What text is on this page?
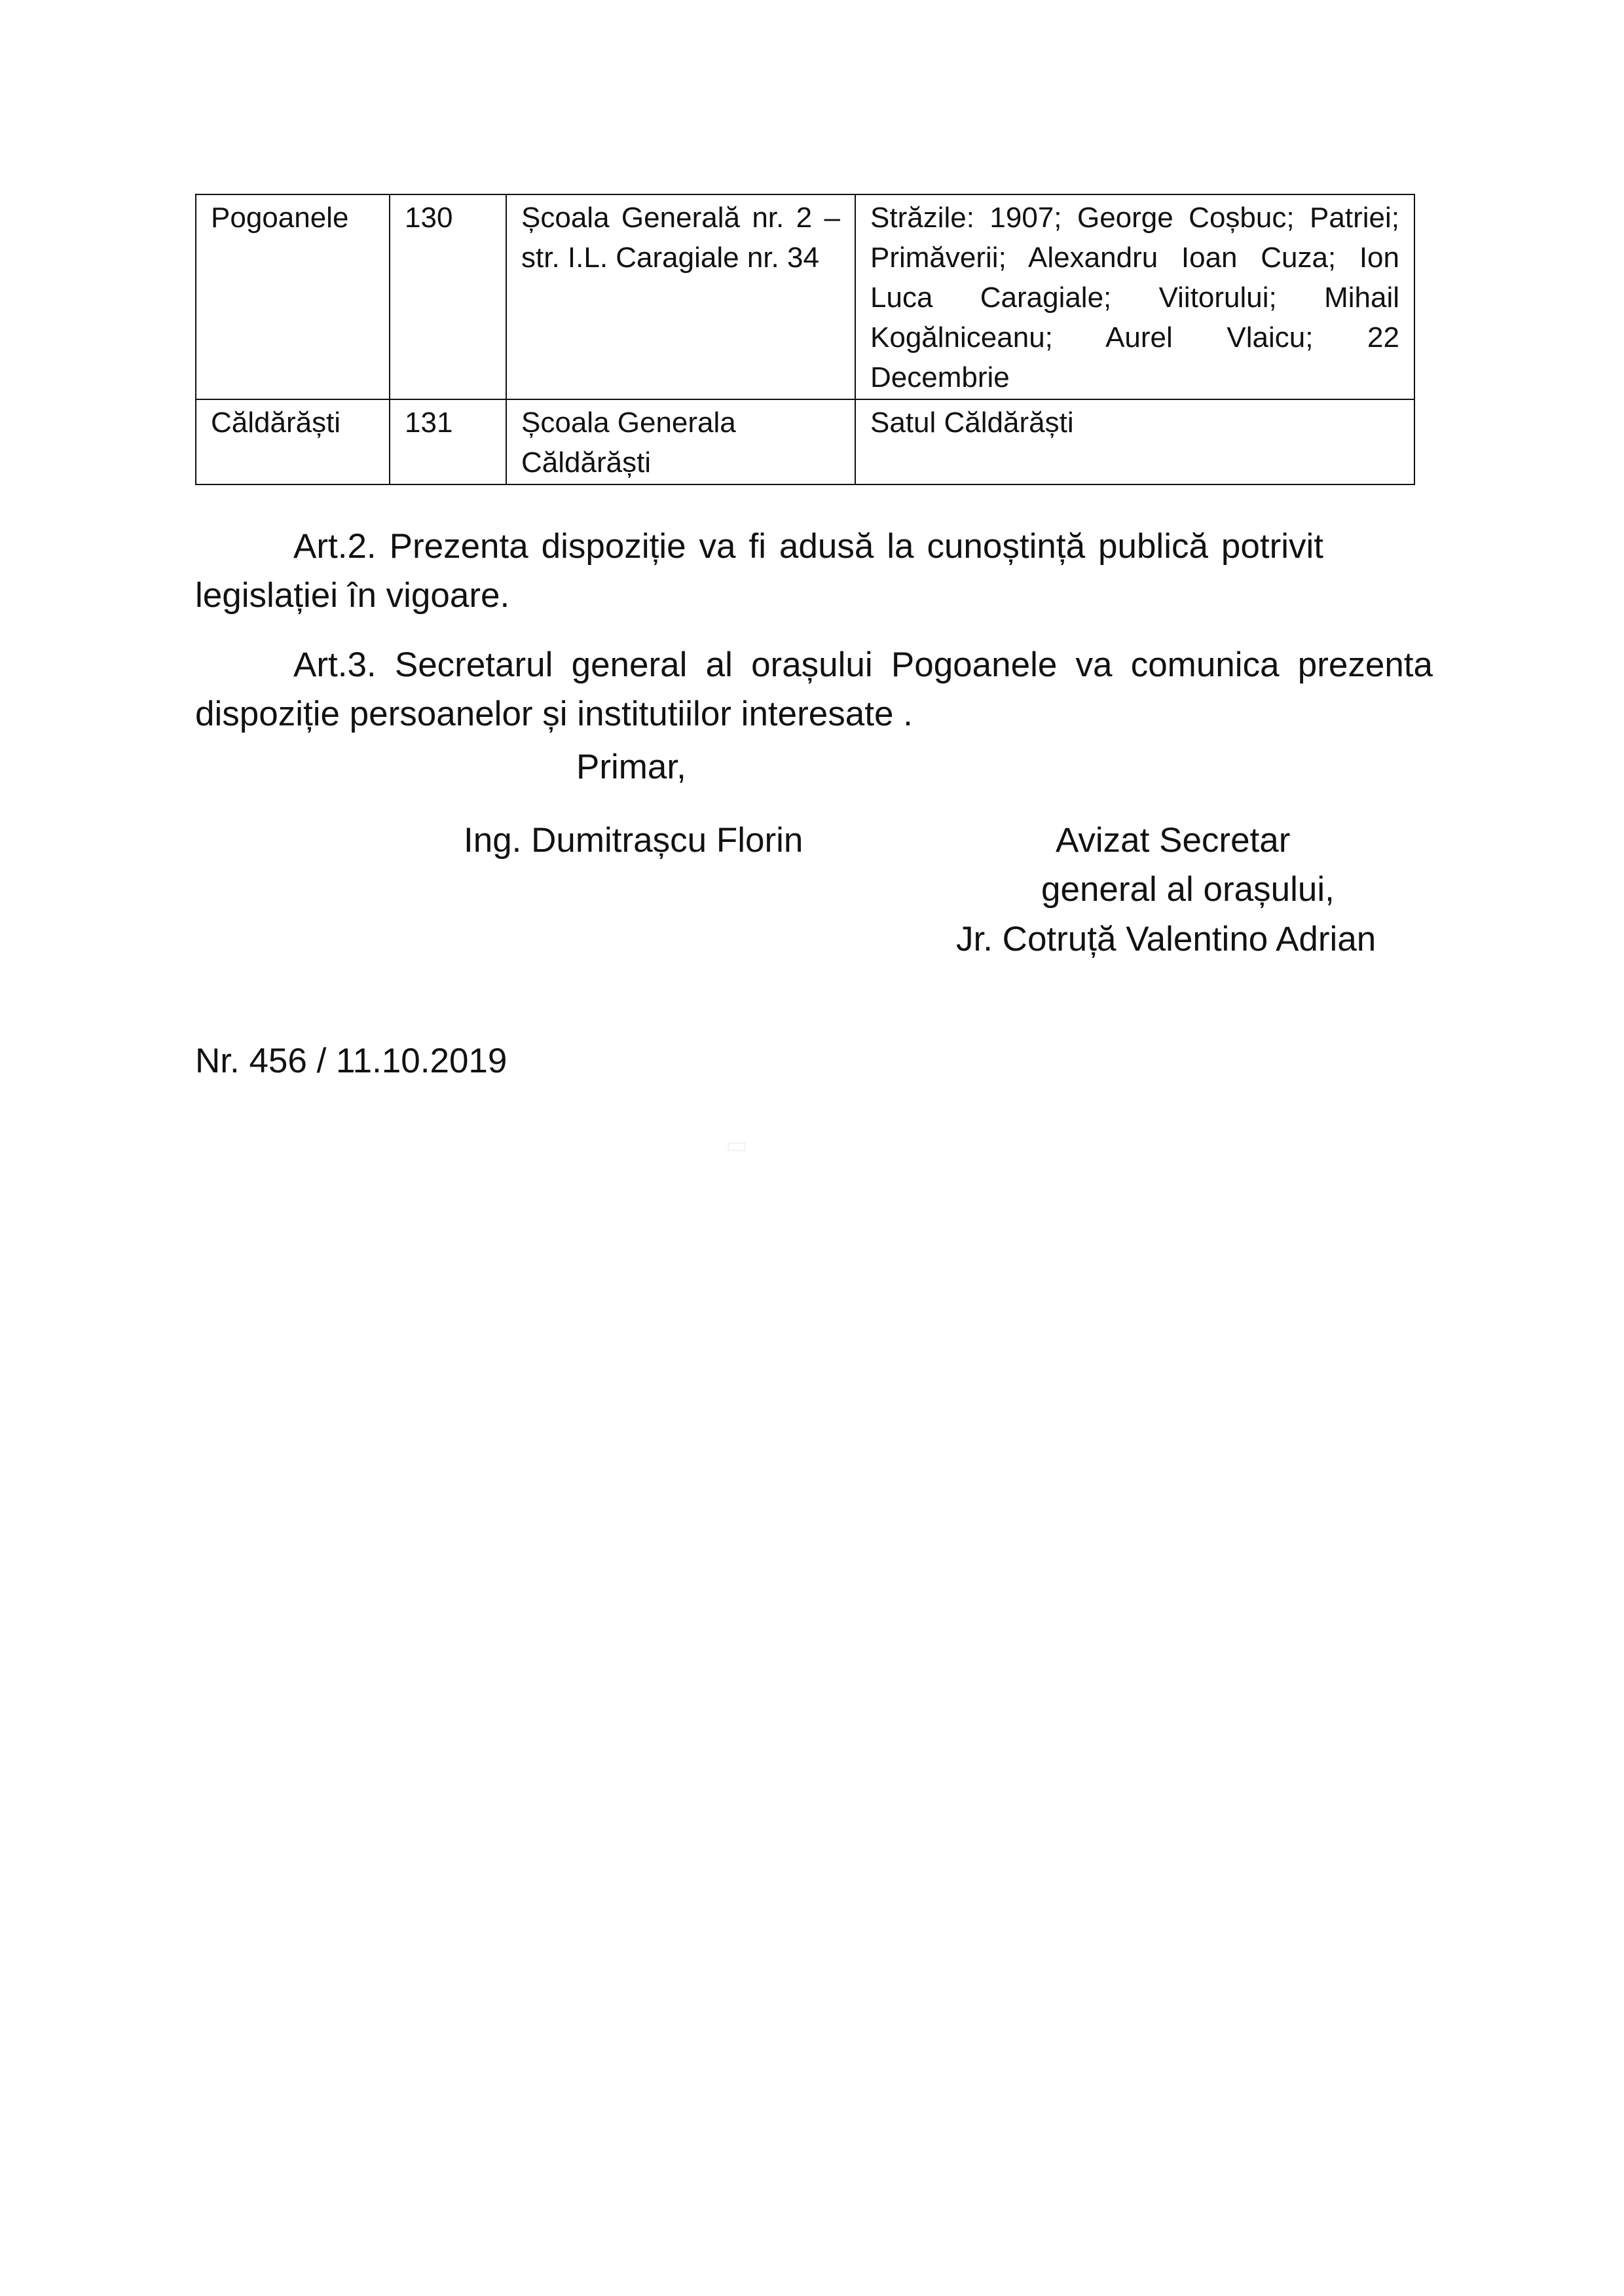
Pogoanele	130	Școala Generală nr. 2 – str. I.L. Caragiale nr. 34	Străzile: 1907; George Coșbuc; Patriei; Primăverii; Alexandru Ioan Cuza; Ion Luca Caragiale; Viitorului; Mihail Kogălniceanu; Aurel Vlaicu; 22 Decembrie
Căldărăști	131	Școala Generala Căldărăști	Satul Căldărăști

Art.2. Prezenta dispoziție va fi adusă la cunoștință publică potrivit legislației în vigoare.

Art.3. Secretarul general al orașului Pogoanele va comunica prezenta dispoziție persoanelor și institutiilor interesate .

Primar,

Ing. Dumitrașcu Florin	Avizat Secretar

general al orașului,

Jr. Cotruță Valentino Adrian

Nr. 456 / 11.10.2019

▭
